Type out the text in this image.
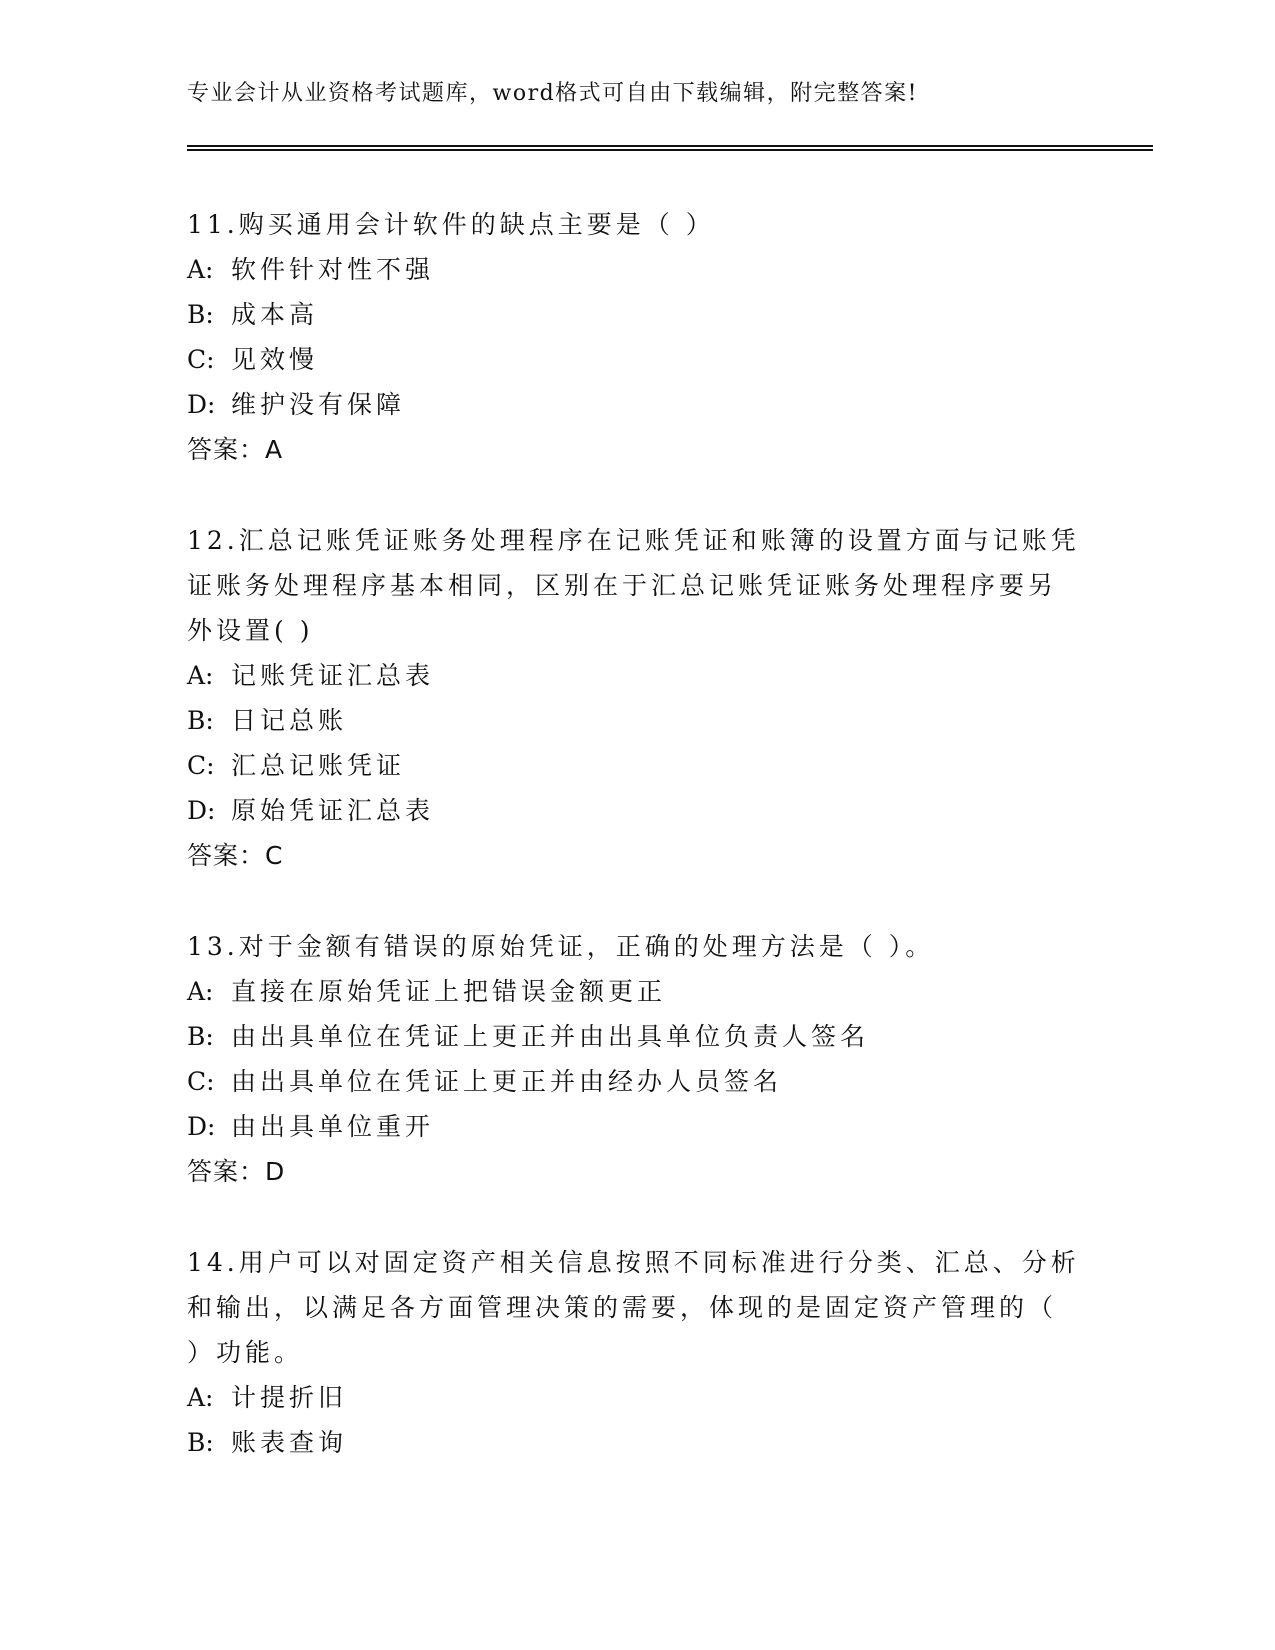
专业会计从业资格考试题库，word格式可自由下载编辑，附完整答案!
11.购买通用会计软件的缺点主要是（ ）
A: 软件针对性不强
B: 成本高
C: 见效慢
D: 维护没有保障
答案：A
12.汇总记账凭证账务处理程序在记账凭证和账簿的设置方面与记账凭
证账务处理程序基本相同，区别在于汇总记账凭证账务处理程序要另
外设置( )
A: 记账凭证汇总表
B: 日记总账
C: 汇总记账凭证
D: 原始凭证汇总表
答案：C
13.对于金额有错误的原始凭证，正确的处理方法是（ ）。
A: 直接在原始凭证上把错误金额更正
B: 由出具单位在凭证上更正并由出具单位负责人签名
C: 由出具单位在凭证上更正并由经办人员签名
D: 由出具单位重开
答案：D
14.用户可以对固定资产相关信息按照不同标准进行分类、汇总、分析
和输出，以满足各方面管理决策的需要，体现的是固定资产管理的（
）功能。
A: 计提折旧
B: 账表查询
